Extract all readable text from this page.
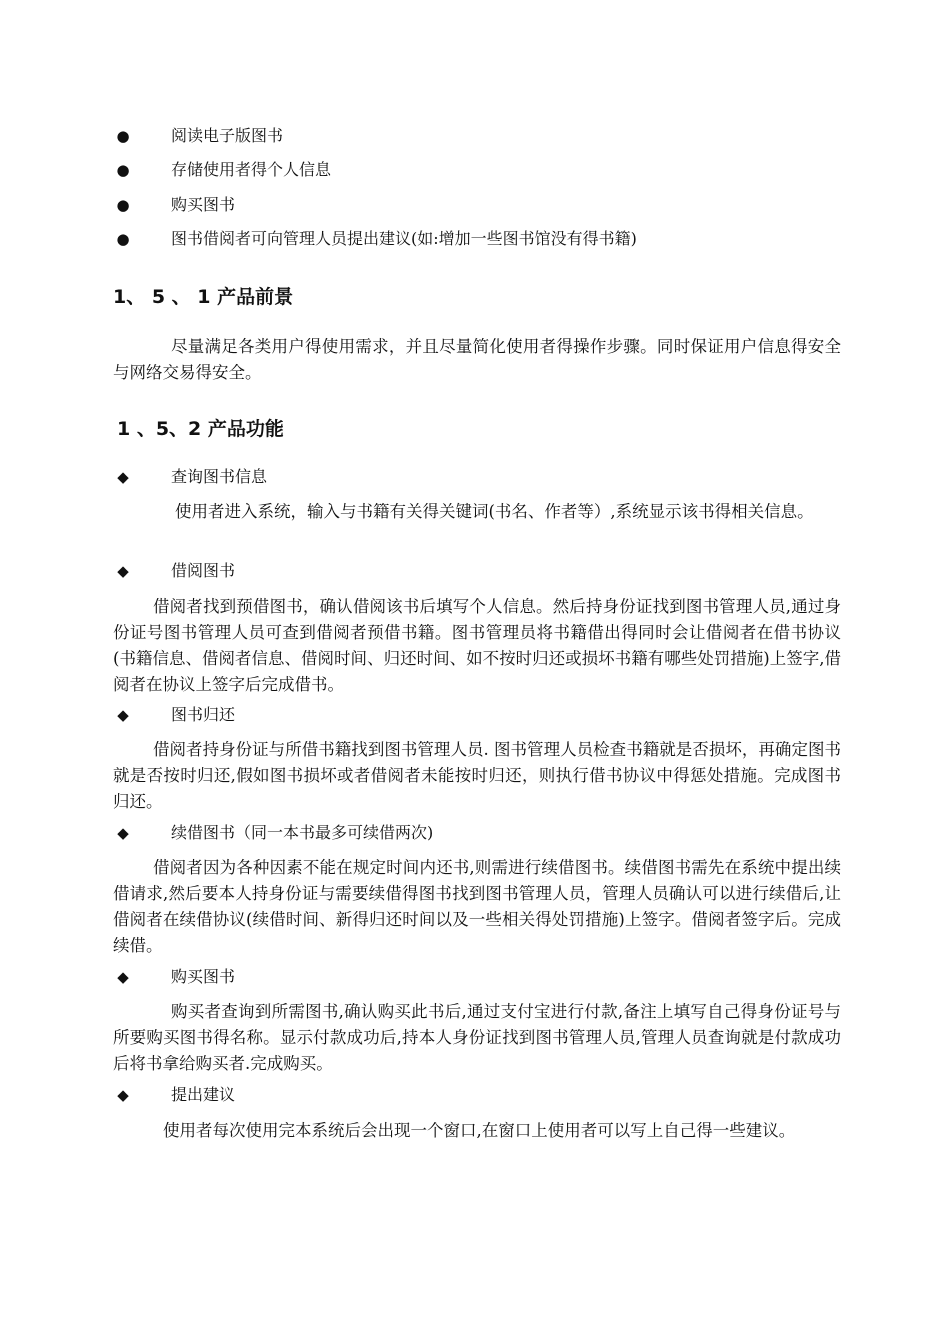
●	阅读电子版图书
●	存储使用者得个人信息
●	购买图书
●	图书借阅者可向管理人员提出建议(如:增加一些图书馆没有得书籍)
1、 5 、 1 产品前景
尽量满足各类用户得使用需求，并且尽量简化使用者得操作步骤。同时保证用户信息得安全与网络交易得安全。
1 、5、2 产品功能
◆	查询图书信息
使用者进入系统，输入与书籍有关得关键词(书名、作者等）,系统显示该书得相关信息。
◆	借阅图书
借阅者找到预借图书，确认借阅该书后填写个人信息。然后持身份证找到图书管理人员,通过身份证号图书管理人员可查到借阅者预借书籍。图书管理员将书籍借出得同时会让借阅者在借书协议(书籍信息、借阅者信息、借阅时间、归还时间、如不按时归还或损坏书籍有哪些处罚措施)上签字,借阅者在协议上签字后完成借书。
◆	图书归还
借阅者持身份证与所借书籍找到图书管理人员. 图书管理人员检查书籍就是否损坏，再确定图书就是否按时归还,假如图书损坏或者借阅者未能按时归还，则执行借书协议中得惩处措施。完成图书归还。
◆	续借图书（同一本书最多可续借两次)
借阅者因为各种因素不能在规定时间内还书,则需进行续借图书。续借图书需先在系统中提出续借请求,然后要本人持身份证与需要续借得图书找到图书管理人员，管理人员确认可以进行续借后,让借阅者在续借协议(续借时间、新得归还时间以及一些相关得处罚措施)上签字。借阅者签字后。完成续借。
◆	购买图书
购买者查询到所需图书,确认购买此书后,通过支付宝进行付款,备注上填写自己得身份证号与所要购买图书得名称。显示付款成功后,持本人身份证找到图书管理人员,管理人员查询就是付款成功后将书拿给购买者.完成购买。
◆	提出建议
使用者每次使用完本系统后会出现一个窗口,在窗口上使用者可以写上自己得一些建议。
